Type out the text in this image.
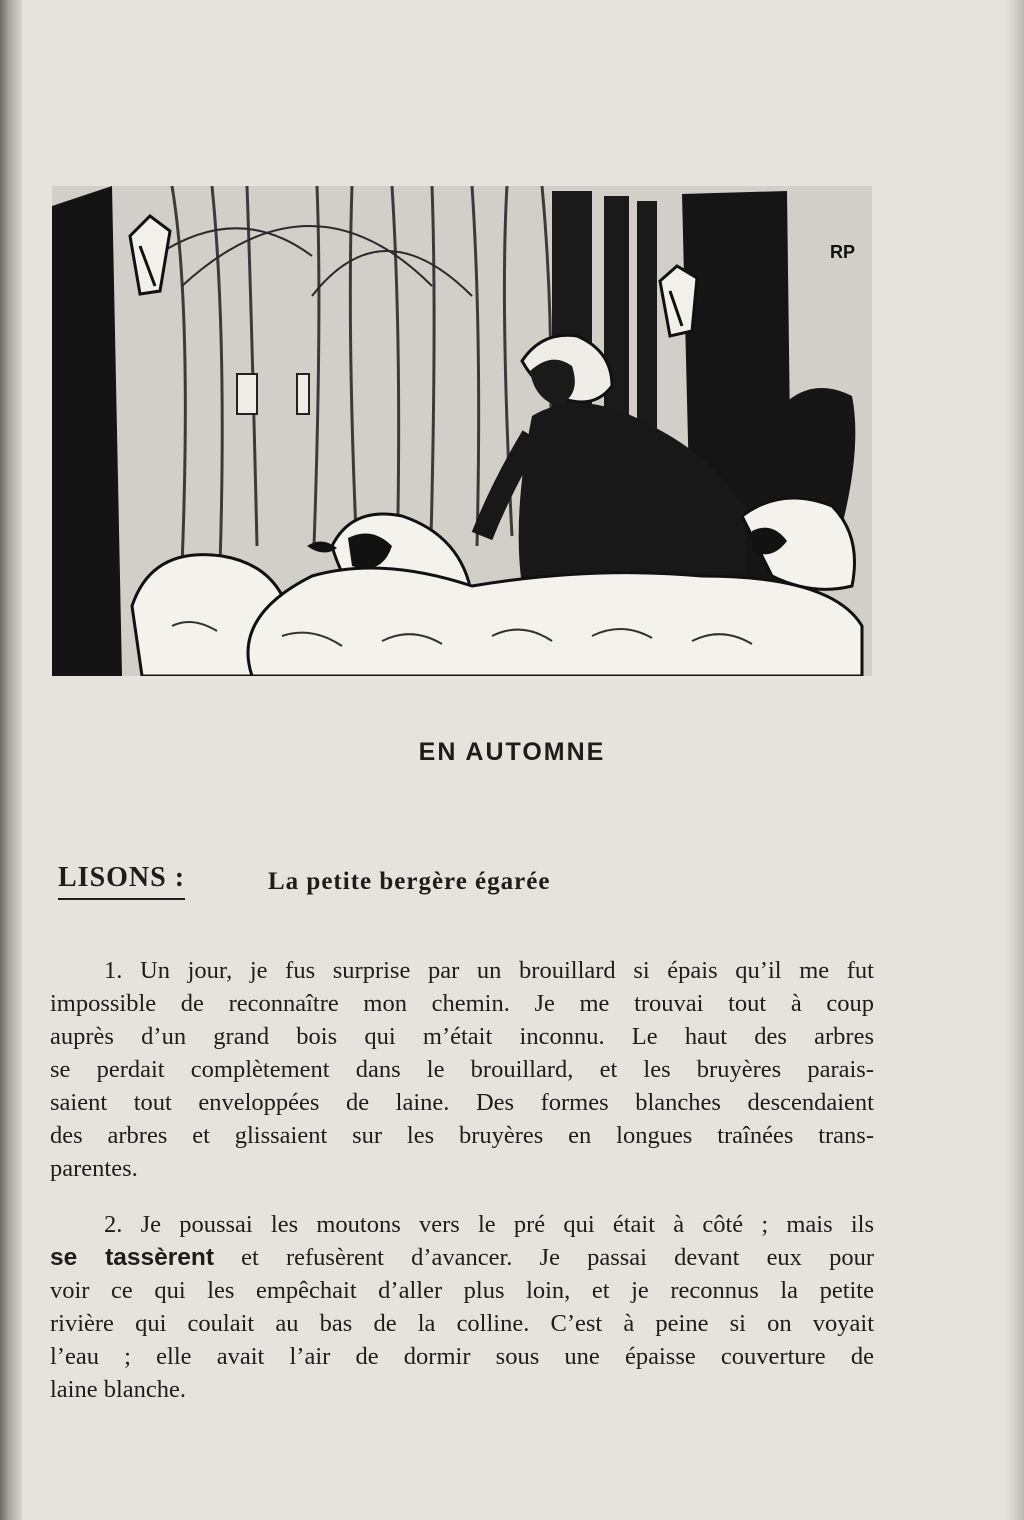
RP
EN AUTOMNE
LISONS :	La petite bergère égarée
1. Un jour, je fus surprise par un brouillard si épais qu’il me fut
impossible de reconnaître mon chemin. Je me trouvai tout à coup
auprès d’un grand bois qui m’était inconnu. Le haut des arbres
se perdait complètement dans le brouillard, et les bruyères parais-
saient tout enveloppées de laine. Des formes blanches descendaient
des arbres et glissaient sur les bruyères en longues traînées trans-
parentes.
2. Je poussai les moutons vers le pré qui était à côté ; mais ils
se tassèrent et refusèrent d’avancer. Je passai devant eux pour
voir ce qui les empêchait d’aller plus loin, et je reconnus la petite
rivière qui coulait au bas de la colline. C’est à peine si on voyait
l’eau ; elle avait l’air de dormir sous une épaisse couverture de
laine blanche.
